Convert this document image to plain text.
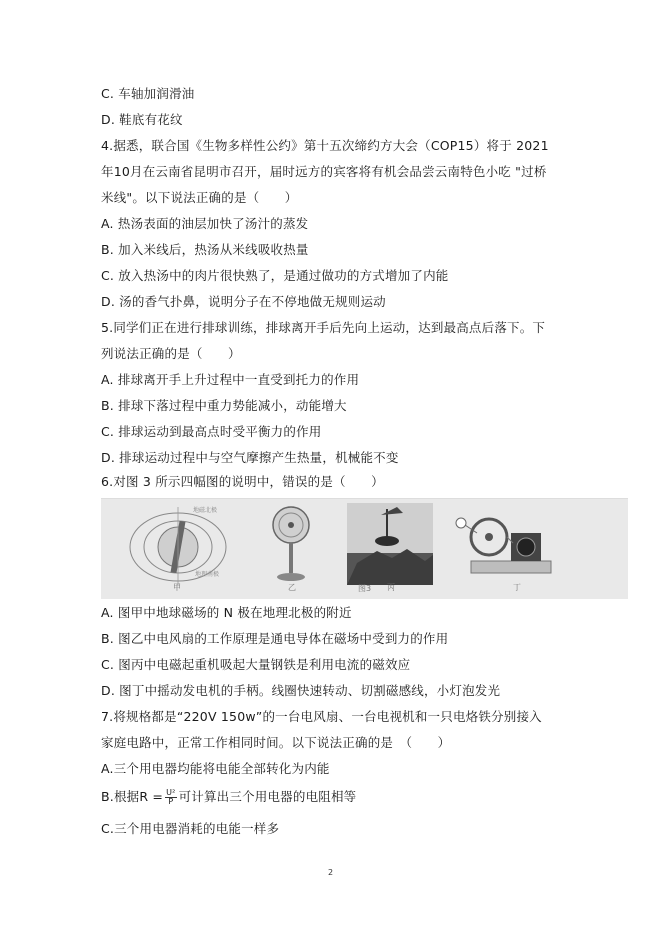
C. 车轴加润滑油
D. 鞋底有花纹
4.据悉，联合国《生物多样性公约》第十五次缔约方大会（COP15）将于 2021
年10月在云南省昆明市召开，届时远方的宾客将有机会品尝云南特色小吃 "过桥
米线"。以下说法正确的是（　　）
A. 热汤表面的油层加快了汤汁的蒸发
B. 加入米线后，热汤从米线吸收热量
C. 放入热汤中的肉片很快熟了，是通过做功的方式增加了内能
D. 汤的香气扑鼻，说明分子在不停地做无规则运动
5.同学们正在进行排球训练，排球离开手后先向上运动，达到最高点后落下。下
列说法正确的是（　　）
A. 排球离开手上升过程中一直受到托力的作用
B. 排球下落过程中重力势能减小，动能增大
C. 排球运动到最高点时受平衡力的作用
D. 排球运动过程中与空气摩擦产生热量，机械能不变
6.对图 3 所示四幅图的说明中，错误的是（　　）
地磁北极
地理南极
甲	乙	丙	丁
图3
A. 图甲中地球磁场的 N 极在地理北极的附近
B. 图乙中电风扇的工作原理是通电导体在磁场中受到力的作用
C. 图丙中电磁起重机吸起大量钢铁是利用电流的磁效应
D. 图丁中摇动发电机的手柄。线圈快速转动、切割磁感线，小灯泡发光
7.将规格都是“220V 150w”的一台电风扇、一台电视机和一只电烙铁分别接入
家庭电路中，正常工作相同时间。以下说法正确的是　（　　）
A.三个用电器均能将电能全部转化为内能
B.根据$R = \frac{\text{U²}}{P}$ 可计算出三个用电器的电阻相等
C.三个用电器消耗的电能一样多
2
